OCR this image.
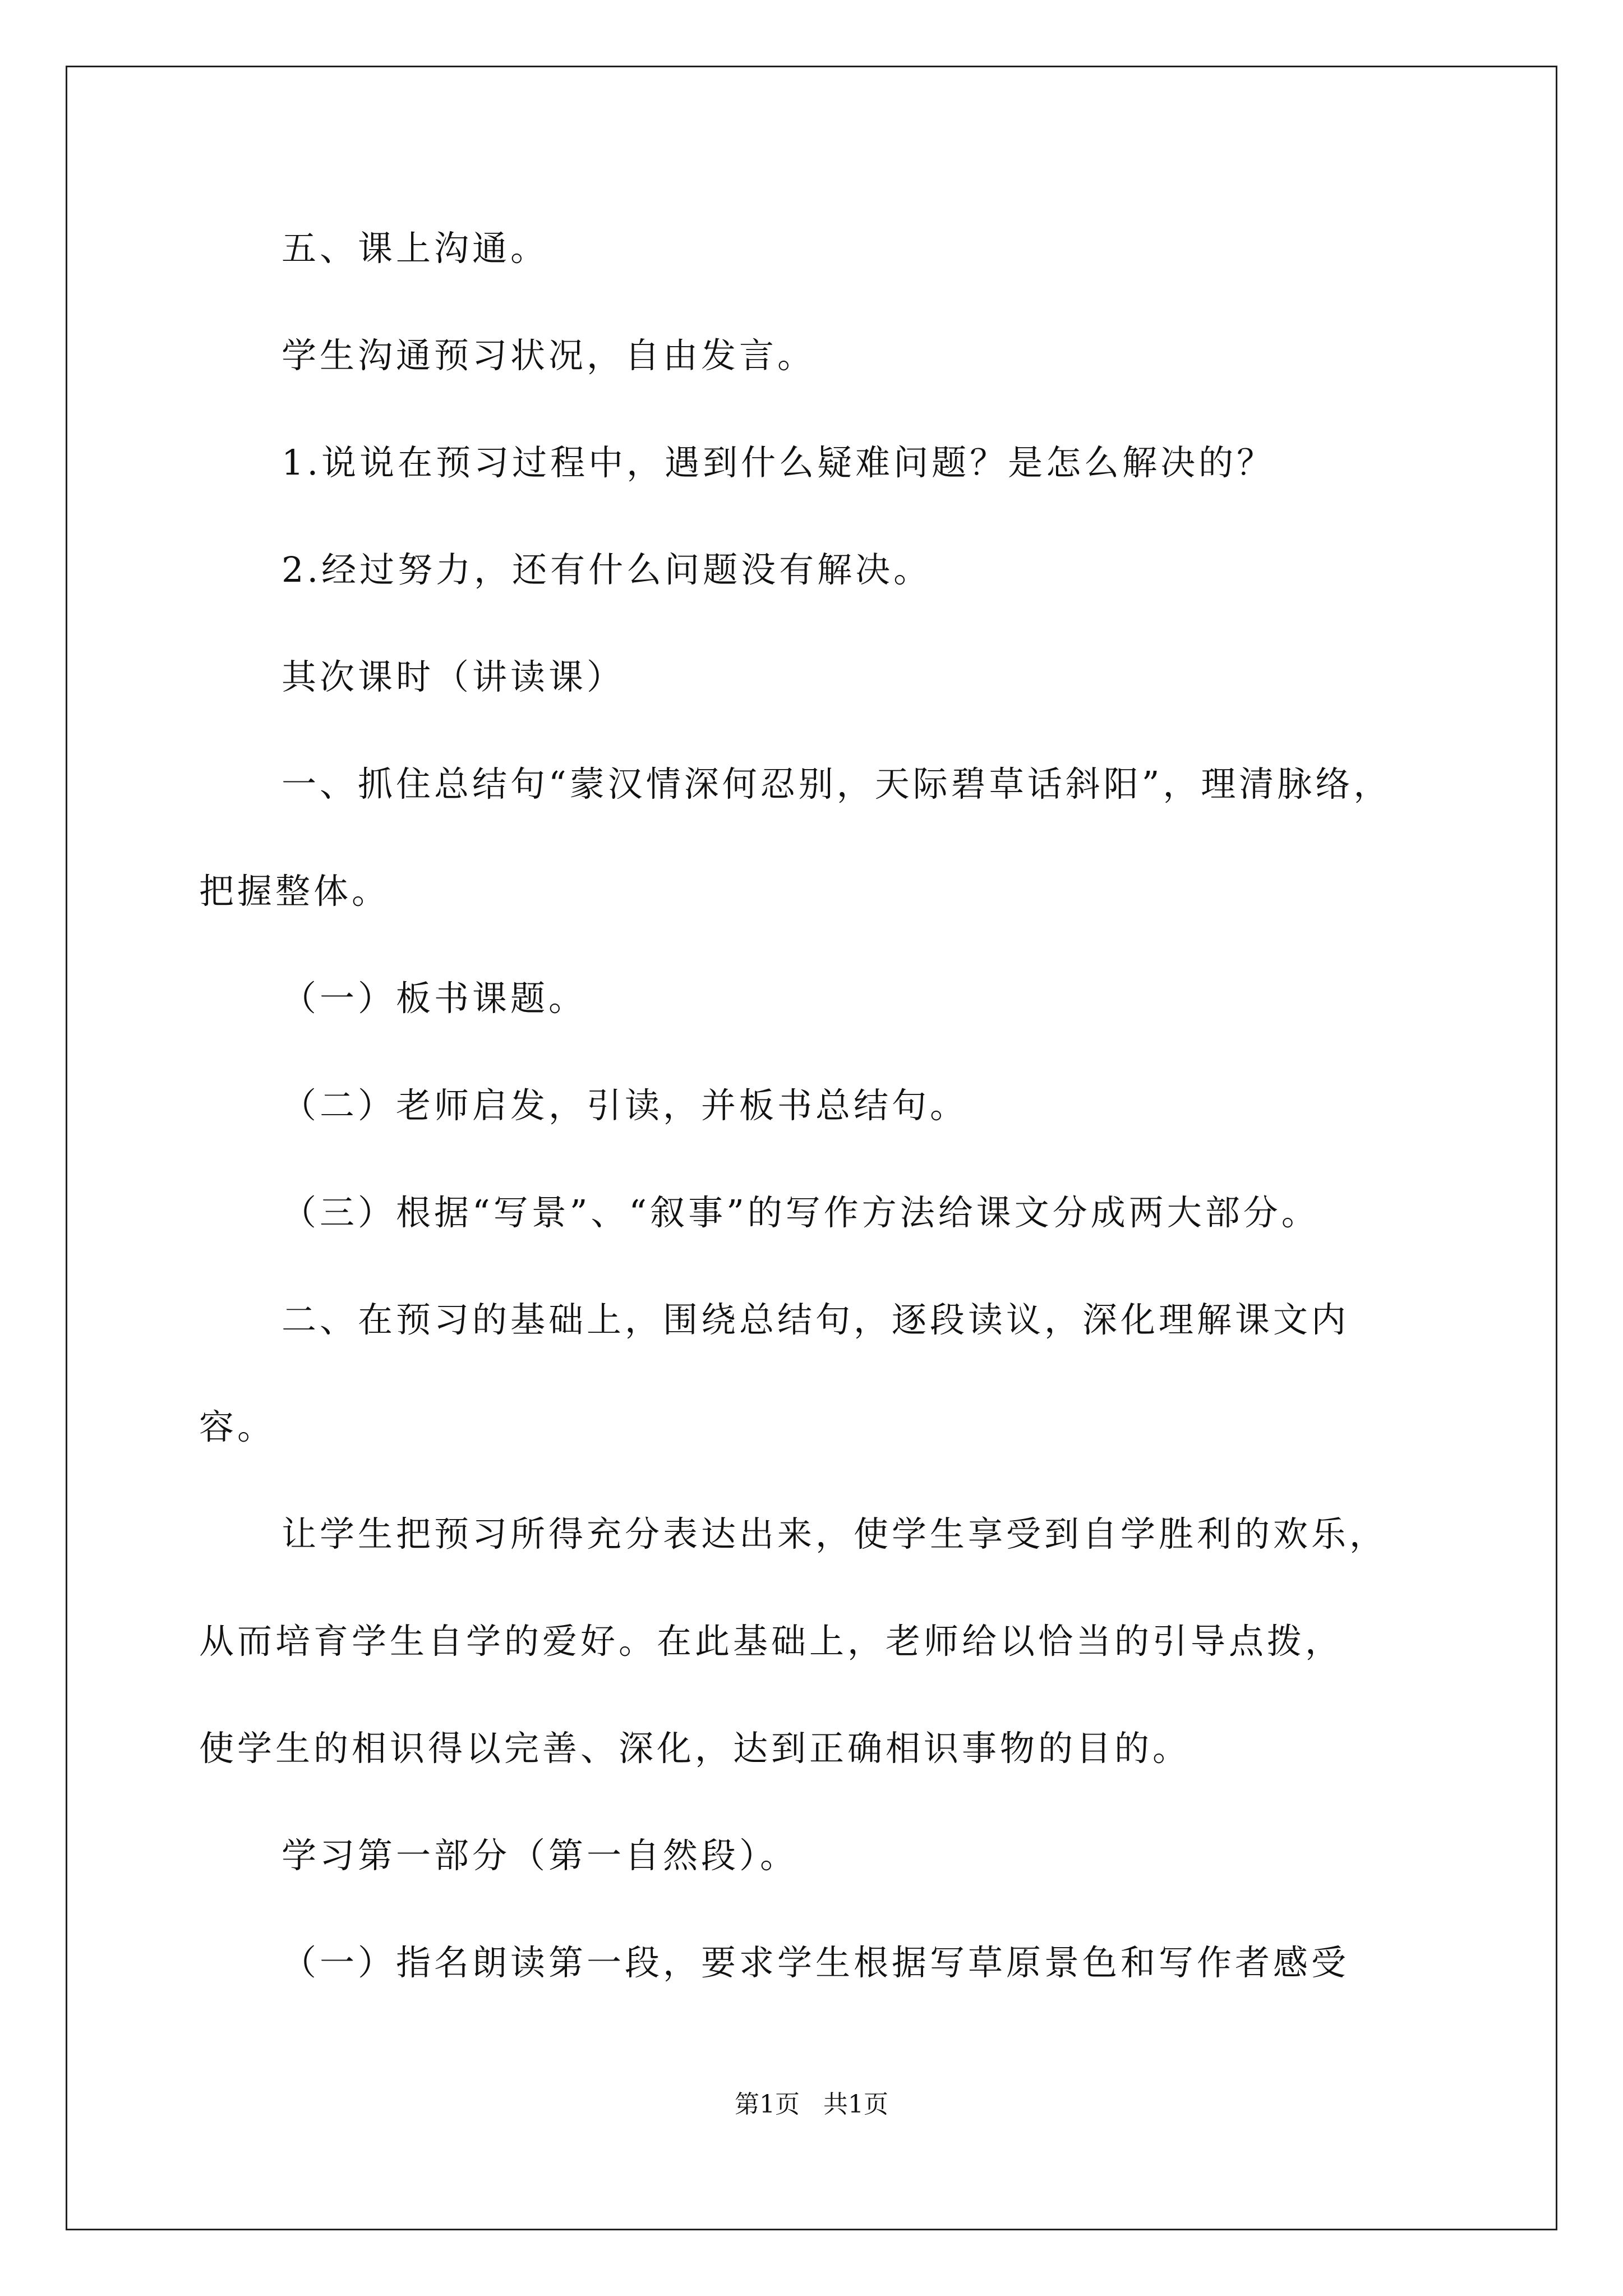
五、课上沟通。
学生沟通预习状况，自由发言。
1.说说在预习过程中，遇到什么疑难问题？是怎么解决的？
2.经过努力，还有什么问题没有解决。
其次课时（讲读课）
一、抓住总结句“蒙汉情深何忍别，天际碧草话斜阳”，理清脉络，
把握整体。
（一）板书课题。
（二）老师启发，引读，并板书总结句。
（三）根据“写景”、“叙事”的写作方法给课文分成两大部分。
二、在预习的基础上，围绕总结句，逐段读议，深化理解课文内
容。
让学生把预习所得充分表达出来，使学生享受到自学胜利的欢乐，
从而培育学生自学的爱好。在此基础上，老师给以恰当的引导点拨，
使学生的相识得以完善、深化，达到正确相识事物的目的。
学习第一部分（第一自然段）。
（一）指名朗读第一段，要求学生根据写草原景色和写作者感受
第1页   共1页
